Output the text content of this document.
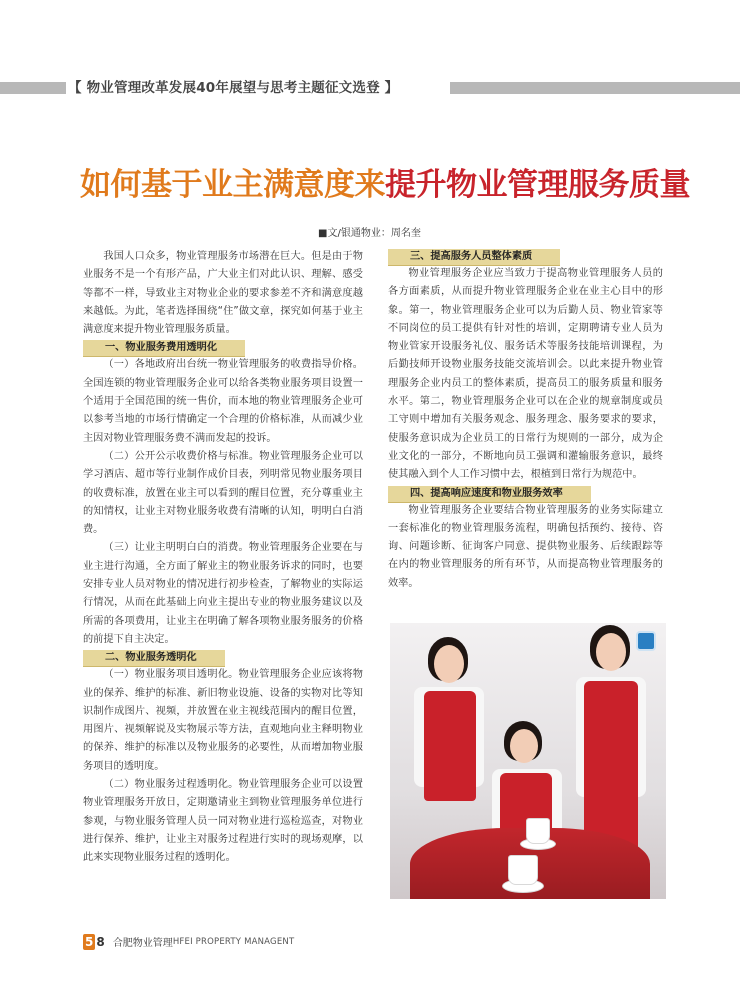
【 物业管理改革发展40年展望与思考主题征文选登 】
如何基于业主满意度来提升物业管理服务质量
■文/银通物业：周名奎

我国人口众多，物业管理服务市场潜在巨大。但是由于物业服务不是一个有形产品，广大业主们对此认识、理解、感受等都不一样，导致业主对物业企业的要求参差不齐和满意度越来越低。为此，笔者选择围绕“住”做文章，探究如何基于业主满意度来提升物业管理服务质量。

一、物业服务费用透明化

（一）各地政府出台统一物业管理服务的收费指导价格。全国连锁的物业管理服务企业可以给各类物业服务项目设置一个适用于全国范围的统一售价，而本地的物业管理服务企业可以参考当地的市场行情确定一个合理的价格标准，从而减少业主因对物业管理服务费不满而发起的投诉。

（二）公开公示收费价格与标准。物业管理服务企业可以学习酒店、超市等行业制作成价目表，列明常见物业服务项目的收费标准，放置在业主可以看到的醒目位置，充分尊重业主的知情权，让业主对物业服务收费有清晰的认知，明明白白消费。

（三）让业主明明白白的消费。物业管理服务企业要在与业主进行沟通，全方面了解业主的物业服务诉求的同时，也要安排专业人员对物业的情况进行初步检查，了解物业的实际运行情况，从而在此基础上向业主提出专业的物业服务建议以及所需的各项费用，让业主在明确了解各项物业服务服务的价格的前提下自主决定。

二、物业服务透明化

（一）物业服务项目透明化。物业管理服务企业应该将物业的保养、维护的标准、新旧物业设施、设备的实物对比等知识制作成图片、视频，并放置在业主视线范围内的醒目位置，用图片、视频解说及实物展示等方法，直观地向业主释明物业的保养、维护的标准以及物业服务的必要性，从而增加物业服务项目的透明度。

（二）物业服务过程透明化。物业管理服务企业可以设置物业管理服务开放日，定期邀请业主到物业管理服务单位进行参观，与物业服务管理人员一同对物业进行巡检巡查，对物业进行保养、维护，让业主对服务过程进行实时的现场观摩，以此来实现物业服务过程的透明化。

三、提高服务人员整体素质

物业管理服务企业应当致力于提高物业管理服务人员的各方面素质，从而提升物业管理服务企业在业主心目中的形象。第一，物业管理服务企业可以为后勤人员、物业管家等不同岗位的员工提供有针对性的培训，定期聘请专业人员为物业管家开设服务礼仪、服务话术等服务技能培训课程，为后勤技师开设物业服务技能交流培训会。以此来提升物业管理服务企业内员工的整体素质，提高员工的服务质量和服务水平。第二，物业管理服务企业可以在企业的规章制度或员工守则中增加有关服务观念、服务理念、服务要求的要求，使服务意识成为企业员工的日常行为规则的一部分，成为企业文化的一部分，不断地向员工强调和灌输服务意识，最终使其融入到个人工作习惯中去，根植到日常行为规范中。

四、提高响应速度和物业服务效率

物业管理服务企业要结合物业管理服务的业务实际建立一套标准化的物业管理服务流程，明确包括预约、接待、咨询、问题诊断、征询客户同意、提供物业服务、后续跟踪等在内的物业管理服务的所有环节，从而提高物业管理服务的效率。

5 8 合肥物业管理HFEI PROPERTY MANAGENT
